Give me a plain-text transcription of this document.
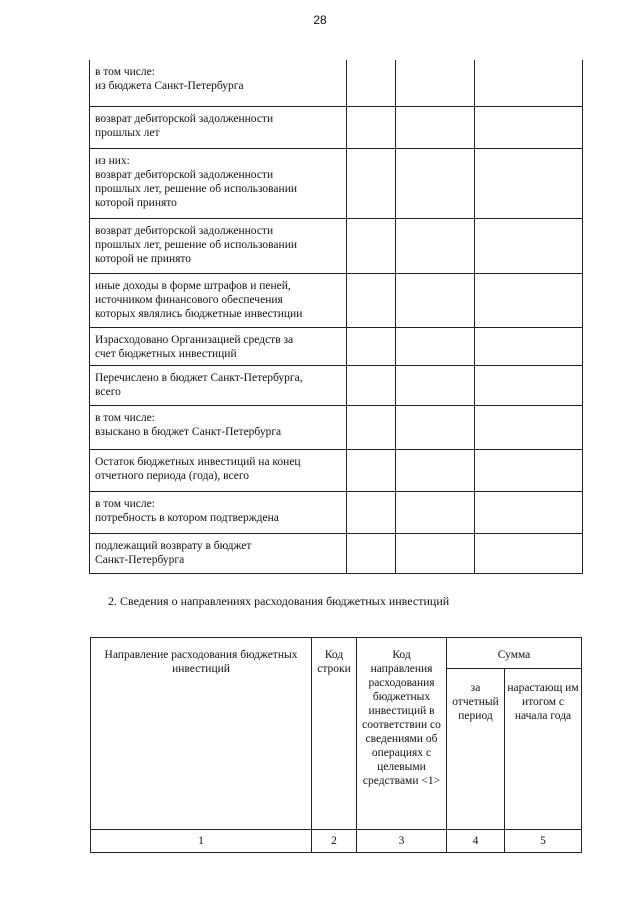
28
в том числе:
из бюджета Санкт-Петербурга			

возврат дебиторской задолженности
прошлых лет			

из них:
возврат дебиторской задолженности
прошлых лет, решение об использовании
которой принято			

возврат дебиторской задолженности
прошлых лет, решение об использовании
которой не принято			

иные доходы в форме штрафов и пеней,
источником финансового обеспечения
которых являлись бюджетные инвестиции			

Израсходовано Организацией средств за
счет бюджетных инвестиций			

Перечислено в бюджет Санкт-Петербурга,
всего			

в том числе:
взыскано в бюджет Санкт-Петербурга			

Остаток бюджетных инвестиций на конец
отчетного периода (года), всего			

в том числе:
потребность в котором подтверждена			

подлежащий возврату в бюджет
Санкт-Петербурга			

2. Сведения о направлениях расходования бюджетных инвестиций
Направление расходования бюджетных инвестиций	Код строки	Код направления расходования бюджетных инвестиций в соответствии со сведениями об операциях с целевыми средствами <1>	Сумма	
			за отчетный период	нарастающ им итогом с начала года
1	2	3	4	5
